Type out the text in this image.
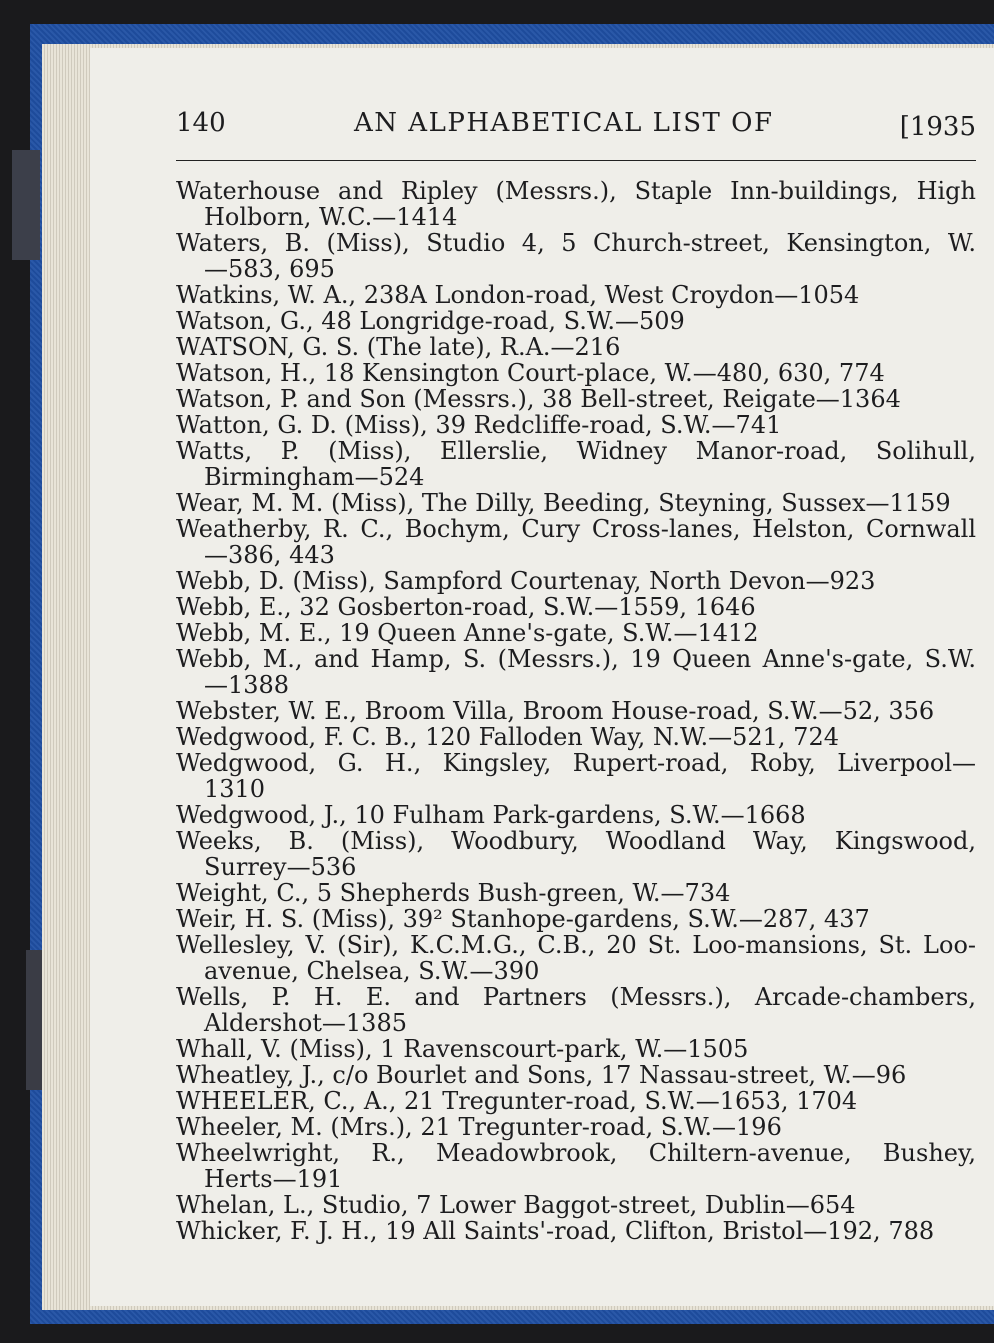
140	AN ALPHABETICAL LIST OF	[1935
Waterhouse and Ripley (Messrs.), Staple Inn-buildings, High
Holborn, W.C.—1414
Waters, B. (Miss), Studio 4, 5 Church-street, Kensington, W.
—583, 695
Watkins, W. A., 238A London-road, West Croydon—1054
Watson, G., 48 Longridge-road, S.W.—509
WATSON, G. S. (The late), R.A.—216
Watson, H., 18 Kensington Court-place, W.—480, 630, 774
Watson, P. and Son (Messrs.), 38 Bell-street, Reigate—1364
Watton, G. D. (Miss), 39 Redcliffe-road, S.W.—741
Watts, P. (Miss), Ellerslie, Widney Manor-road, Solihull,
Birmingham—524
Wear, M. M. (Miss), The Dilly, Beeding, Steyning, Sussex—1159
Weatherby, R. C., Bochym, Cury Cross-lanes, Helston, Cornwall
—386, 443
Webb, D. (Miss), Sampford Courtenay, North Devon—923
Webb, E., 32 Gosberton-road, S.W.—1559, 1646
Webb, M. E., 19 Queen Anne's-gate, S.W.—1412
Webb, M., and Hamp, S. (Messrs.), 19 Queen Anne's-gate, S.W.
—1388
Webster, W. E., Broom Villa, Broom House-road, S.W.—52, 356
Wedgwood, F. C. B., 120 Falloden Way, N.W.—521, 724
Wedgwood, G. H., Kingsley, Rupert-road, Roby, Liverpool—
1310
Wedgwood, J., 10 Fulham Park-gardens, S.W.—1668
Weeks, B. (Miss), Woodbury, Woodland Way, Kingswood,
Surrey—536
Weight, C., 5 Shepherds Bush-green, W.—734
Weir, H. S. (Miss), 39² Stanhope-gardens, S.W.—287, 437
Wellesley, V. (Sir), K.C.M.G., C.B., 20 St. Loo-mansions, St. Loo-
avenue, Chelsea, S.W.—390
Wells, P. H. E. and Partners (Messrs.), Arcade-chambers,
Aldershot—1385
Whall, V. (Miss), 1 Ravenscourt-park, W.—1505
Wheatley, J., c/o Bourlet and Sons, 17 Nassau-street, W.—96
WHEELER, C., A., 21 Tregunter-road, S.W.—1653, 1704
Wheeler, M. (Mrs.), 21 Tregunter-road, S.W.—196
Wheelwright, R., Meadowbrook, Chiltern-avenue, Bushey,
Herts—191
Whelan, L., Studio, 7 Lower Baggot-street, Dublin—654
Whicker, F. J. H., 19 All Saints'-road, Clifton, Bristol—192, 788
